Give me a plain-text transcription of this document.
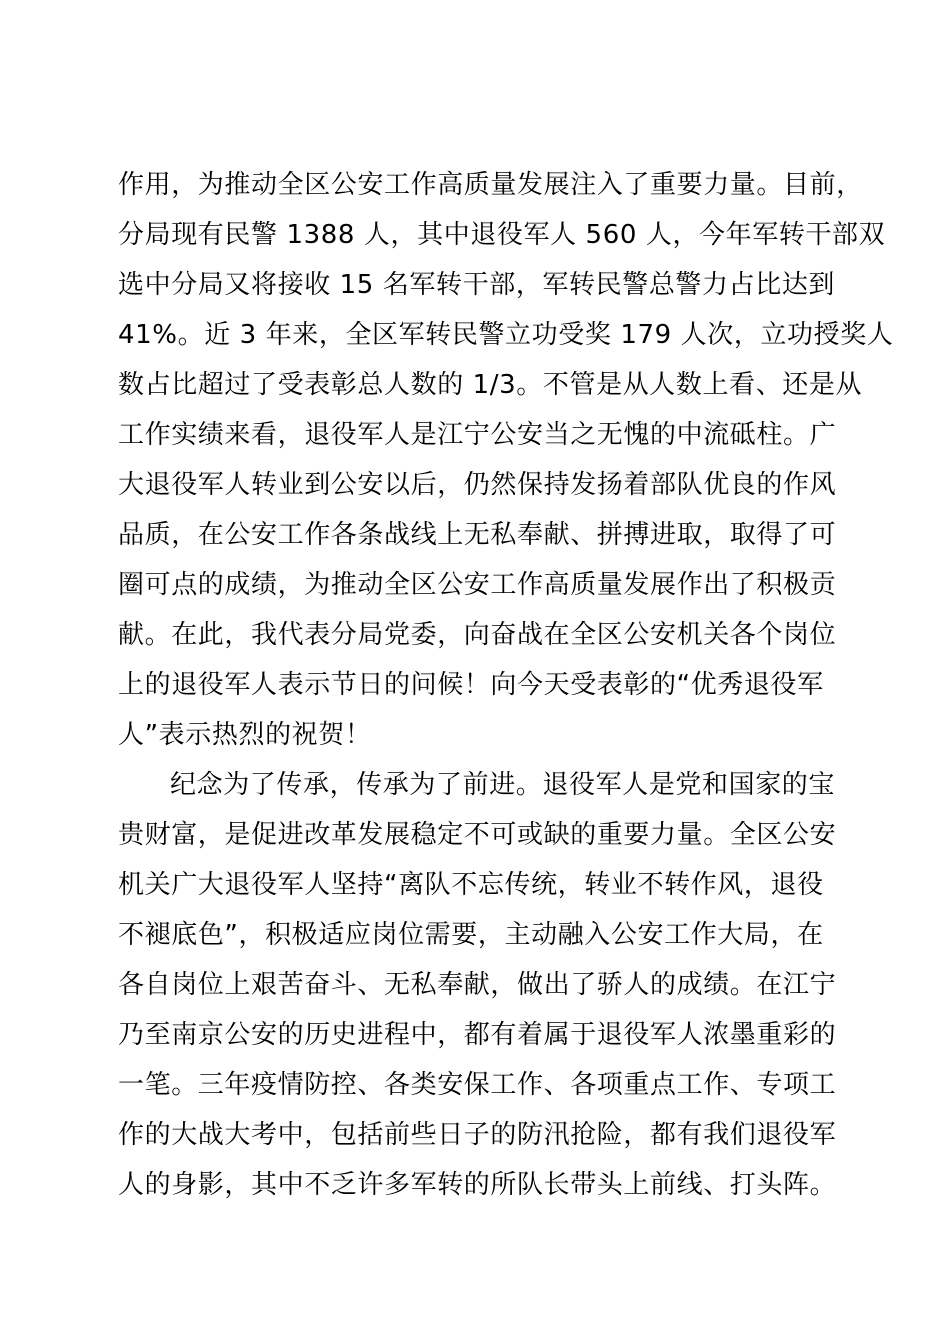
作用，为推动全区公安工作高质量发展注入了重要力量。目前，
分局现有民警 1388 人，其中退役军人 560 人，今年军转干部双
选中分局又将接收 15 名军转干部，军转民警总警力占比达到
41%。近 3 年来，全区军转民警立功受奖 179 人次，立功授奖人
数占比超过了受表彰总人数的 1/3。不管是从人数上看、还是从
工作实绩来看，退役军人是江宁公安当之无愧的中流砥柱。广
大退役军人转业到公安以后，仍然保持发扬着部队优良的作风
品质，在公安工作各条战线上无私奉献、拼搏进取，取得了可
圈可点的成绩，为推动全区公安工作高质量发展作出了积极贡
献。在此，我代表分局党委，向奋战在全区公安机关各个岗位
上的退役军人表示节日的问候！向今天受表彰的“优秀退役军
人”表示热烈的祝贺！
纪念为了传承，传承为了前进。退役军人是党和国家的宝
贵财富，是促进改革发展稳定不可或缺的重要力量。全区公安
机关广大退役军人坚持“离队不忘传统，转业不转作风，退役
不褪底色”，积极适应岗位需要，主动融入公安工作大局，在
各自岗位上艰苦奋斗、无私奉献，做出了骄人的成绩。在江宁
乃至南京公安的历史进程中，都有着属于退役军人浓墨重彩的
一笔。三年疫情防控、各类安保工作、各项重点工作、专项工
作的大战大考中，包括前些日子的防汛抢险，都有我们退役军
人的身影，其中不乏许多军转的所队长带头上前线、打头阵。
